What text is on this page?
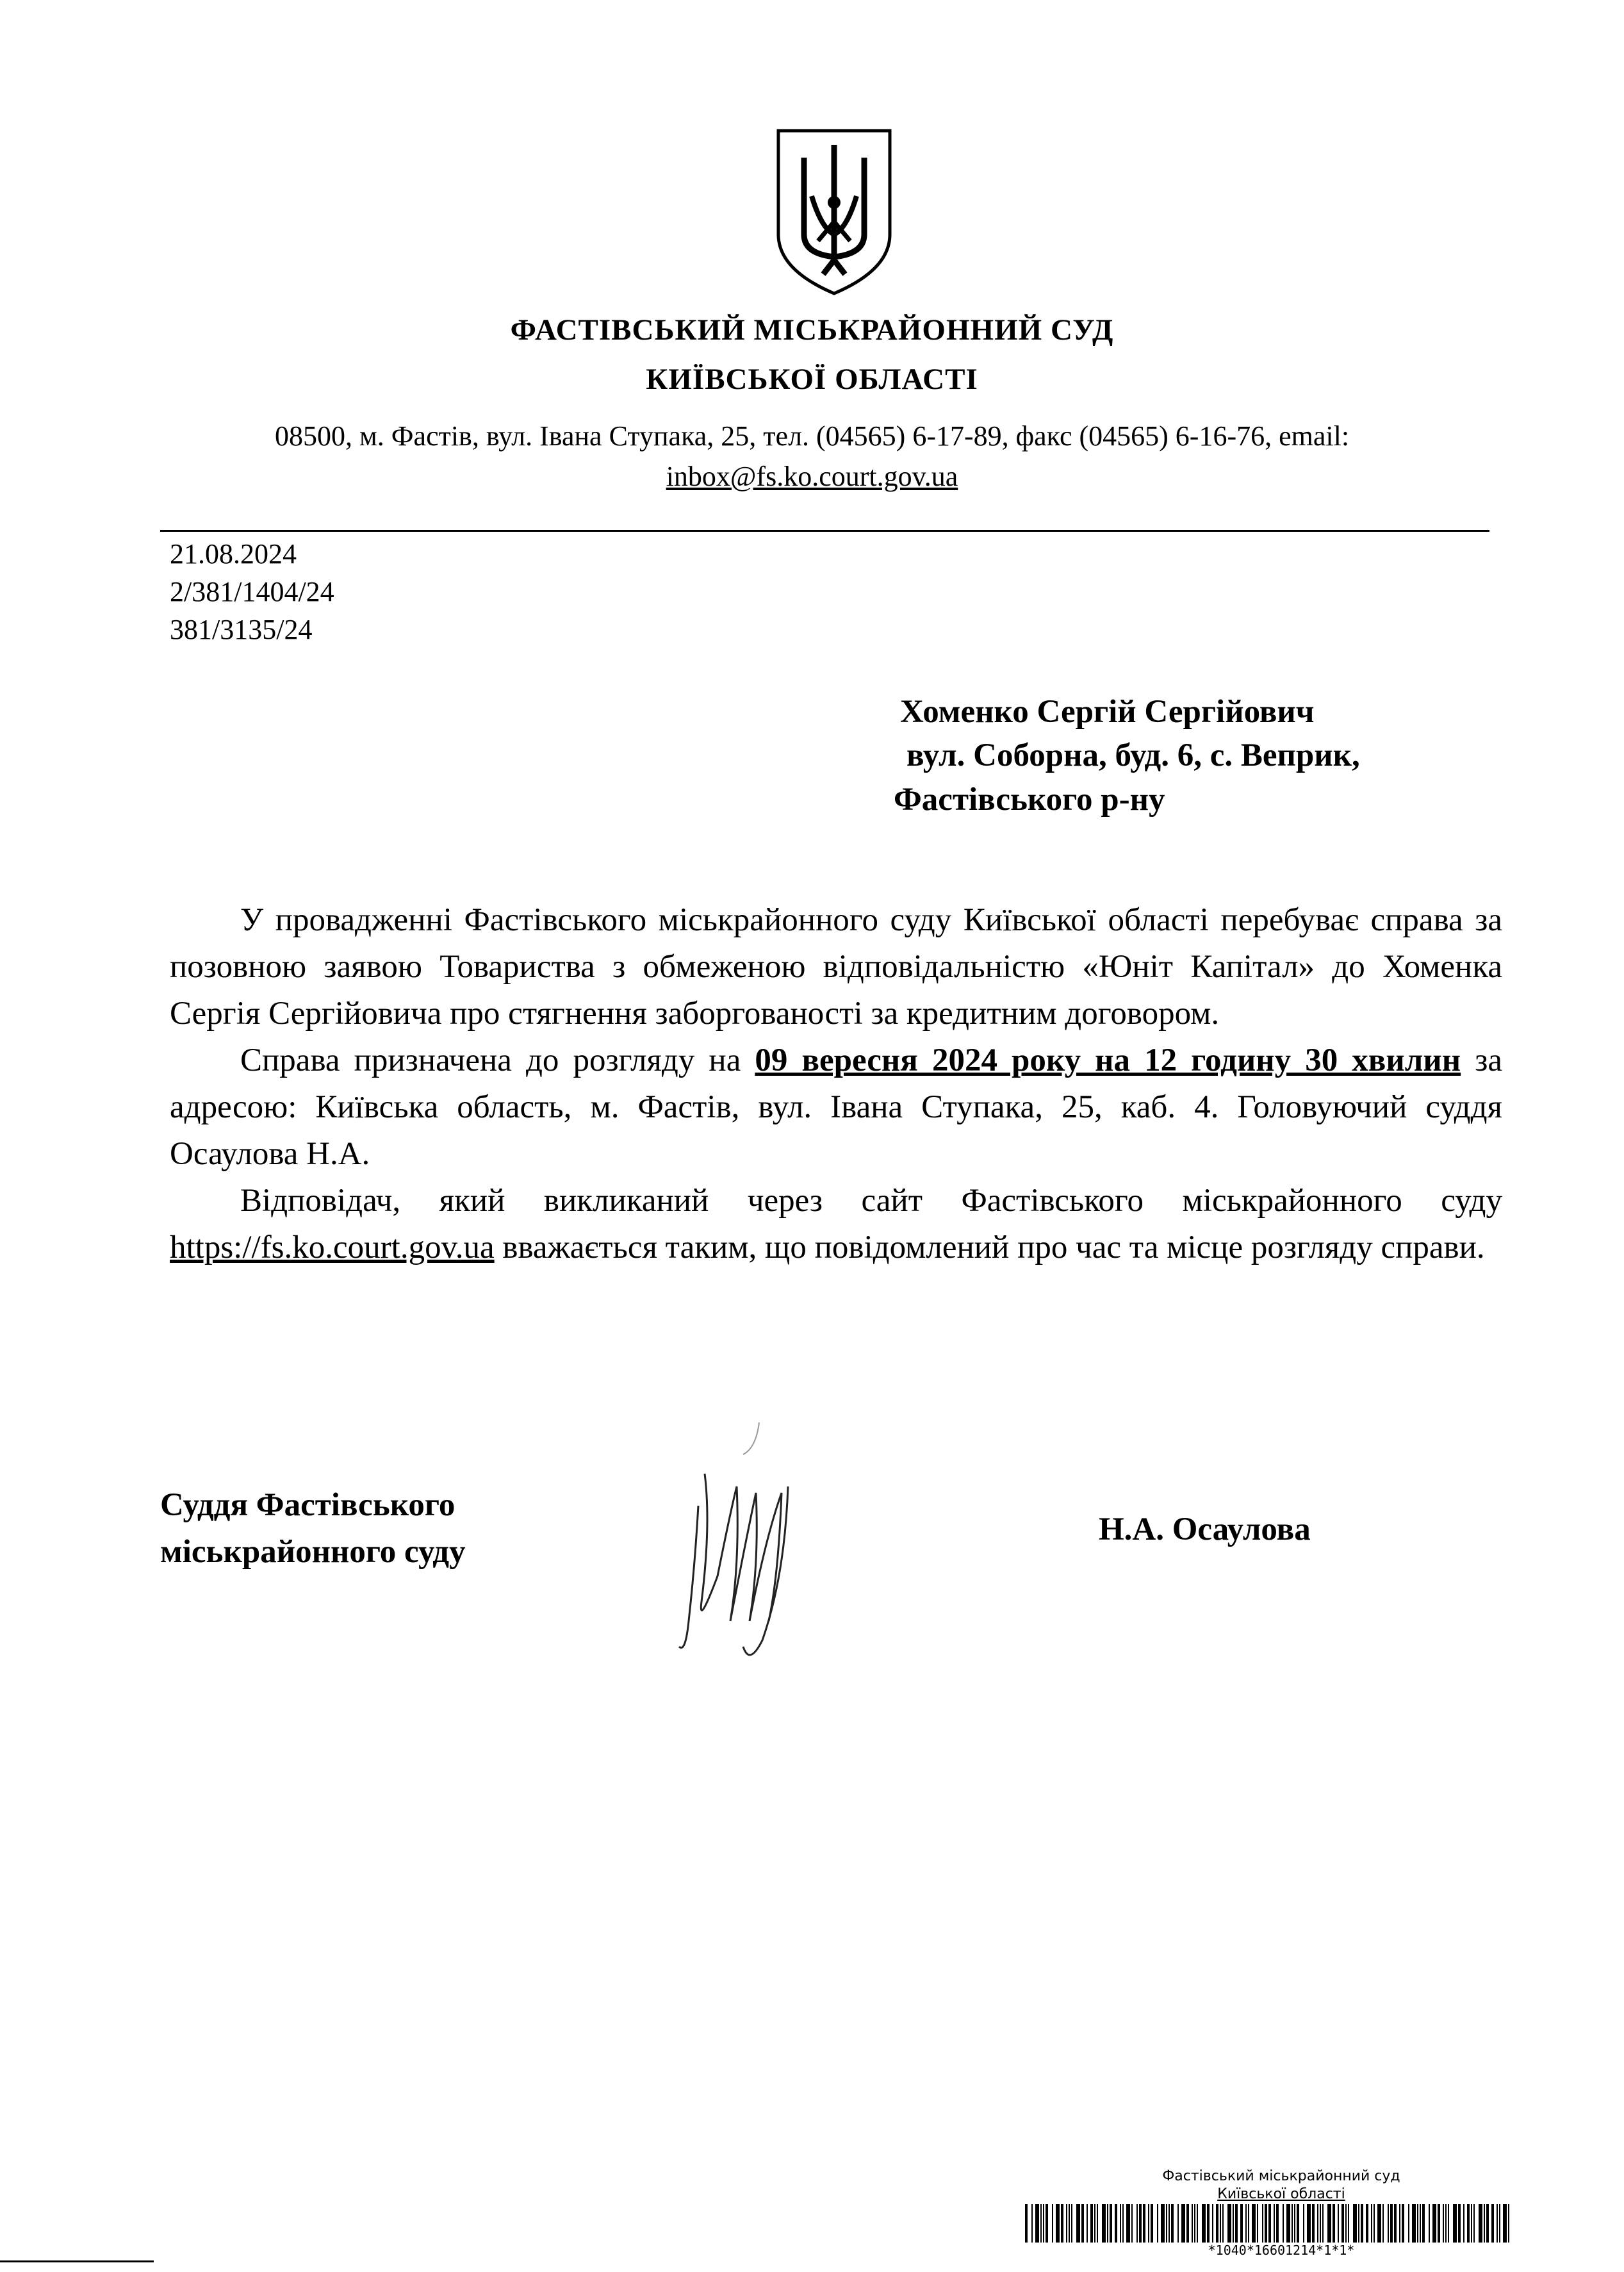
ФАСТІВСЬКИЙ МІСЬКРАЙОННИЙ СУД
КИЇВСЬКОЇ ОБЛАСТІ
08500, м. Фастів, вул. Івана Ступака, 25, тел. (04565) 6-17-89, факс (04565) 6-16-76, email:
inbox@fs.ko.court.gov.ua
21.08.2024
2/381/1404/24
381/3135/24
Хоменко Сергій Сергійович
вул. Соборна, буд. 6, с. Веприк,
Фастівського р-ну

У провадженні Фастівського міськрайонного суду Київської області перебуває справа за позовною заявою Товариства з обмеженою відповідальністю «Юніт Капітал» до Хоменка Сергія Сергійовича про стягнення заборгованості за кредитним договором.

Справа призначена до розгляду на 09 вересня 2024 року на 12 годину 30 хвилин за адресою: Київська область, м. Фастів, вул. Івана Ступака, 25, каб. 4. Головуючий суддя Осаулова Н.А.

Відповідач, який викликаний через сайт Фастівського міськрайонного суду https://fs.ko.court.gov.ua вважається таким, що повідомлений про час та місце розгляду справи.

Суддя Фастівського
міськрайонного суду
Н.А. Осаулова
Фастівський міськрайонний суд
Київської області
*1040*16601214*1*1*
